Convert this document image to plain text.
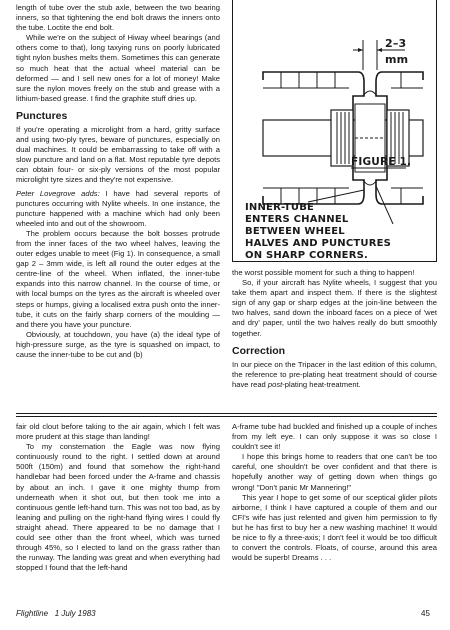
length of tube over the stub axle, between the two bearing inners, so that tightening the end bolt draws the inners onto the tube. Loctite the end bolt.

While we're on the subject of Hiway wheel bearings (and others come to that), long taxying runs on poorly lubricated tight nylon bushes melts them. Sometimes this can generate so much heat that the actual wheel material can be deformed — and I sell new ones for a lot of money! Make sure the nylon moves freely on the stub and grease with a lithium-based grease. I find the graphite stuff dries up.

Punctures

If you're operating a microlight from a hard, gritty surface and using two-ply tyres, beware of punctures, especially on dual machines. It could be embarrassing to take off with a slow puncture and land on a flat. Most reputable tyre depots can obtain four- or six-ply versions of the most popular microlight tyre sizes and they're not expensive.

Peter Lovegrove adds: I have had several reports of punctures occurring with Nylite wheels. In one instance, the puncture happened with a machine which had only been wheeled into and out of the showroom.

The problem occurs because the bolt bosses protrude from the inner faces of the two wheel halves, leaving the outer edges unable to meet (Fig 1). In consequence, a small gap 2 – 3mm wide, is left all round the outer edges at the centre-line of the wheel. When inflated, the inner-tube expands into this narrow channel. In the course of time, or with local bumps on the tyres as the aircraft is wheeled over steps or humps, giving a localised extra push onto the inner-tube, it cuts on the fairly sharp corners of the moulding — and there you have your puncture.

Obviously, at touchdown, you have (a) the ideal type of high-pressure surge, as the tyre is squashed on impact, to cause the inner-tube to be cut and (b)

2–3
mm
FIGURE 1.
INNER-TUBE
ENTERS CHANNEL
BETWEEN WHEEL
HALVES AND PUNCTURES
ON SHARP CORNERS.

the worst possible moment for such a thing to happen!

So, if your aircraft has Nylite wheels, I suggest that you take them apart and inspect them. If there is the slightest sign of any gap or sharp edges at the join-line between the two halves, sand down the inboard faces on a piece of 'wet and dry' paper, until the two halves really do butt smoothly together.

Correction

In our piece on the Tripacer in the last edition of this column, the reference to pre-plating heat treatment should of course have read post-plating heat-treatment.

fair old clout before taking to the air again, which I felt was more prudent at this stage than landing!

To my consternation the Eagle was now flying continuously round to the right. I settled down at around 500ft (150m) and found that somehow the right-hand handlebar had been forced under the A-frame and chassis by about an inch. I gave it one mighty thump from underneath when it shot out, but then took me into a continuous gentle left-hand turn. This was not too bad, as by leaning and pulling on the right-hand flying wires I could fly straight ahead. There appeared to be no damage that I could see other than the front wheel, which was turned through 45%, so I elected to land on the grass rather than the runway. The landing was great and when everything had stopped I found that the left-hand

A-frame tube had buckled and finished up a couple of inches from my left eye. I can only suppose it was so close I couldn't see it!

I hope this brings home to readers that one can't be too careful, one shouldn't be over confident and that there is hopefully another way of getting down when things go wrong! "Don't panic Mr Mannering!"

This year I hope to get some of our sceptical glider pilots airborne, I think I have captured a couple of them and our CFI's wife has just relented and given him permission to fly but he has first to buy her a new washing machine! It would be nice to fly a three-axis; I don't feel it would be too difficult to convert the controls. Floats, of course, around this area would be superb! Dreams . . .

Flightline 1 July 1983	45
